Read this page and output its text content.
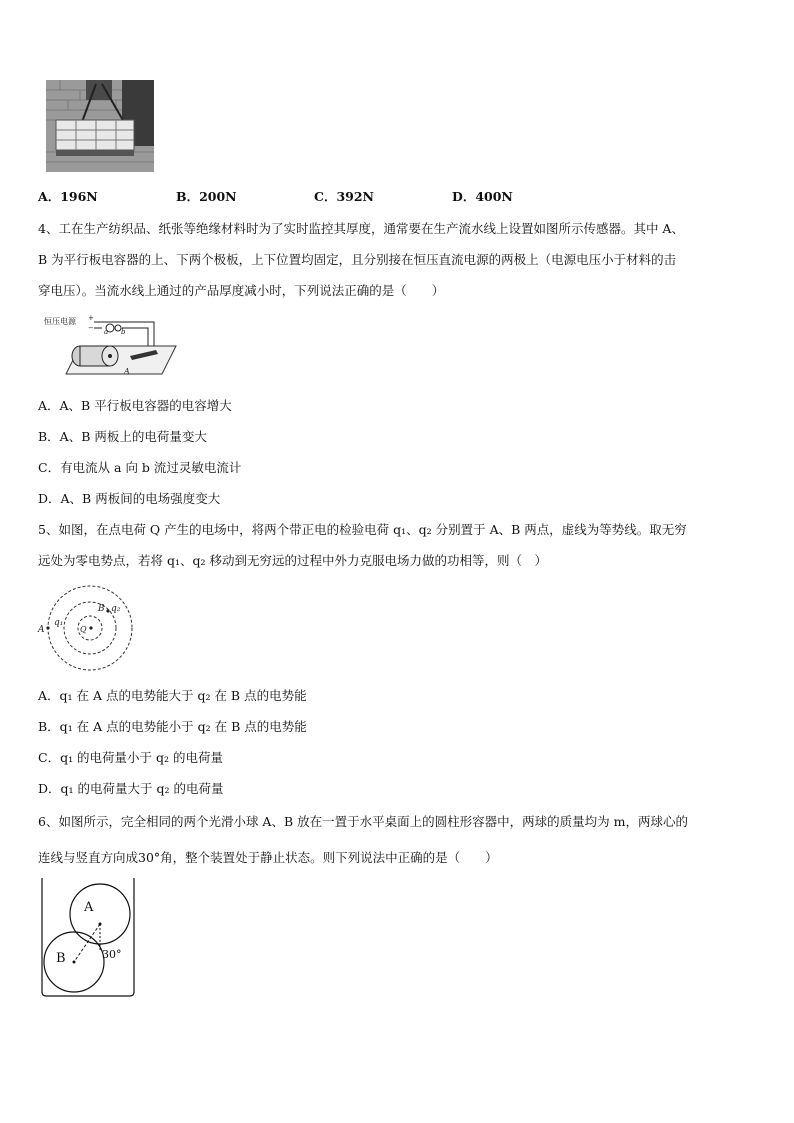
A．196N	B．200N	C．392N	D．400N
4、工在生产纺织品、纸张等绝缘材料时为了实时监控其厚度，通常要在生产流水线上设置如图所示传感器。其中 A、
B 为平行板电容器的上、下两个极板，上下位置均固定，且分别接在恒压直流电源的两极上（电源电压小于材料的击
穿电压）。当流水线上通过的产品厚度减小时，下列说法正确的是（　　）
恒压电源 +
− a b
A
A．A、B 平行板电容器的电容增大
B．A、B 两板上的电荷量变大
C．有电流从 a 向 b 流过灵敏电流计
D．A、B 两板间的电场强度变大
5、如图，在点电荷 Q 产生的电场中，将两个带正电的检验电荷 q₁、q₂ 分别置于 A、B 两点，虚线为等势线。取无穷
远处为零电势点，若将 q₁、q₂ 移动到无穷远的过程中外力克服电场力做的功相等，则（　）
Q
A
q₁
B q₂
A．q₁ 在 A 点的电势能大于 q₂ 在 B 点的电势能
B．q₁ 在 A 点的电势能小于 q₂ 在 B 点的电势能
C．q₁ 的电荷量小于 q₂ 的电荷量
D．q₁ 的电荷量大于 q₂ 的电荷量
6、如图所示，完全相同的两个光滑小球 A、B 放在一置于水平桌面上的圆柱形容器中，两球的质量均为 m，两球心的
连线与竖直方向成30°角，整个装置处于静止状态。则下列说法中正确的是（　　）
A
B	30°
